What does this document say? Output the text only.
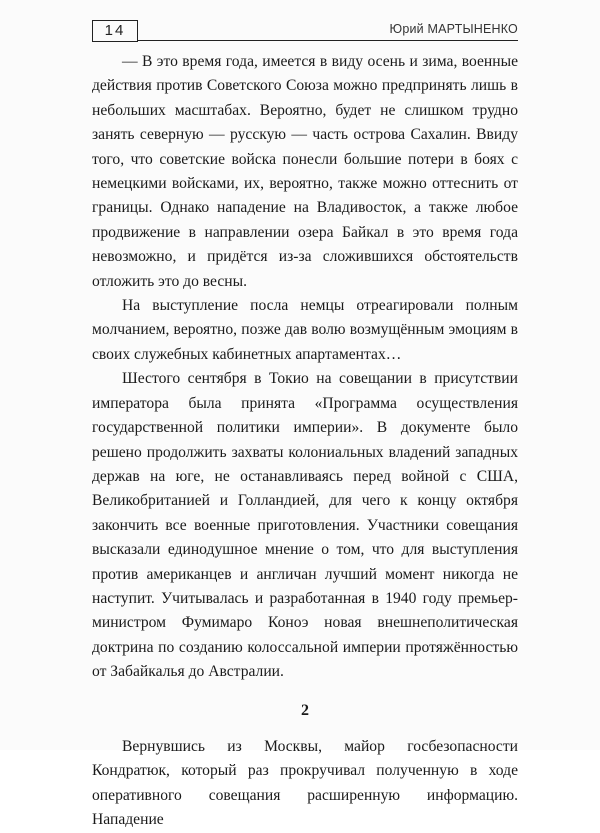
14	Юрий МАРТЫНЕНКО

— В это время года, имеется в виду осень и зима, военные действия против Советского Союза можно предпринять лишь в небольших масштабах. Вероятно, будет не слишком трудно занять северную — русскую — часть острова Сахалин. Ввиду того, что советские войска понесли большие потери в боях с немецкими войсками, их, вероятно, также можно оттеснить от границы. Однако нападение на Владивосток, а также любое продвижение в направлении озера Байкал в это время года невозможно, и придётся из-за сложившихся обстоятельств отложить это до весны.

На выступление посла немцы отреагировали полным молчанием, вероятно, позже дав волю возмущённым эмоциям в своих служебных кабинетных апартаментах…

Шестого сентября в Токио на совещании в присутствии императора была принята «Программа осуществления государственной политики империи». В документе было решено продолжить захваты колониальных владений западных держав на юге, не останавливаясь перед войной с США, Великобританией и Голландией, для чего к концу октября закончить все военные приготовления. Участники совещания высказали единодушное мнение о том, что для выступления против американцев и англичан лучший момент никогда не наступит. Учитывалась и разработанная в 1940 году премьер-министром Фумимаро Коноэ новая внешнеполитическая доктрина по созданию колоссальной империи протяжённостью от Забайкалья до Австралии.

2

Вернувшись из Москвы, майор госбезопасности Кондратюк, который раз прокручивал полученную в ходе оперативного совещания расширенную информацию. Нападение
